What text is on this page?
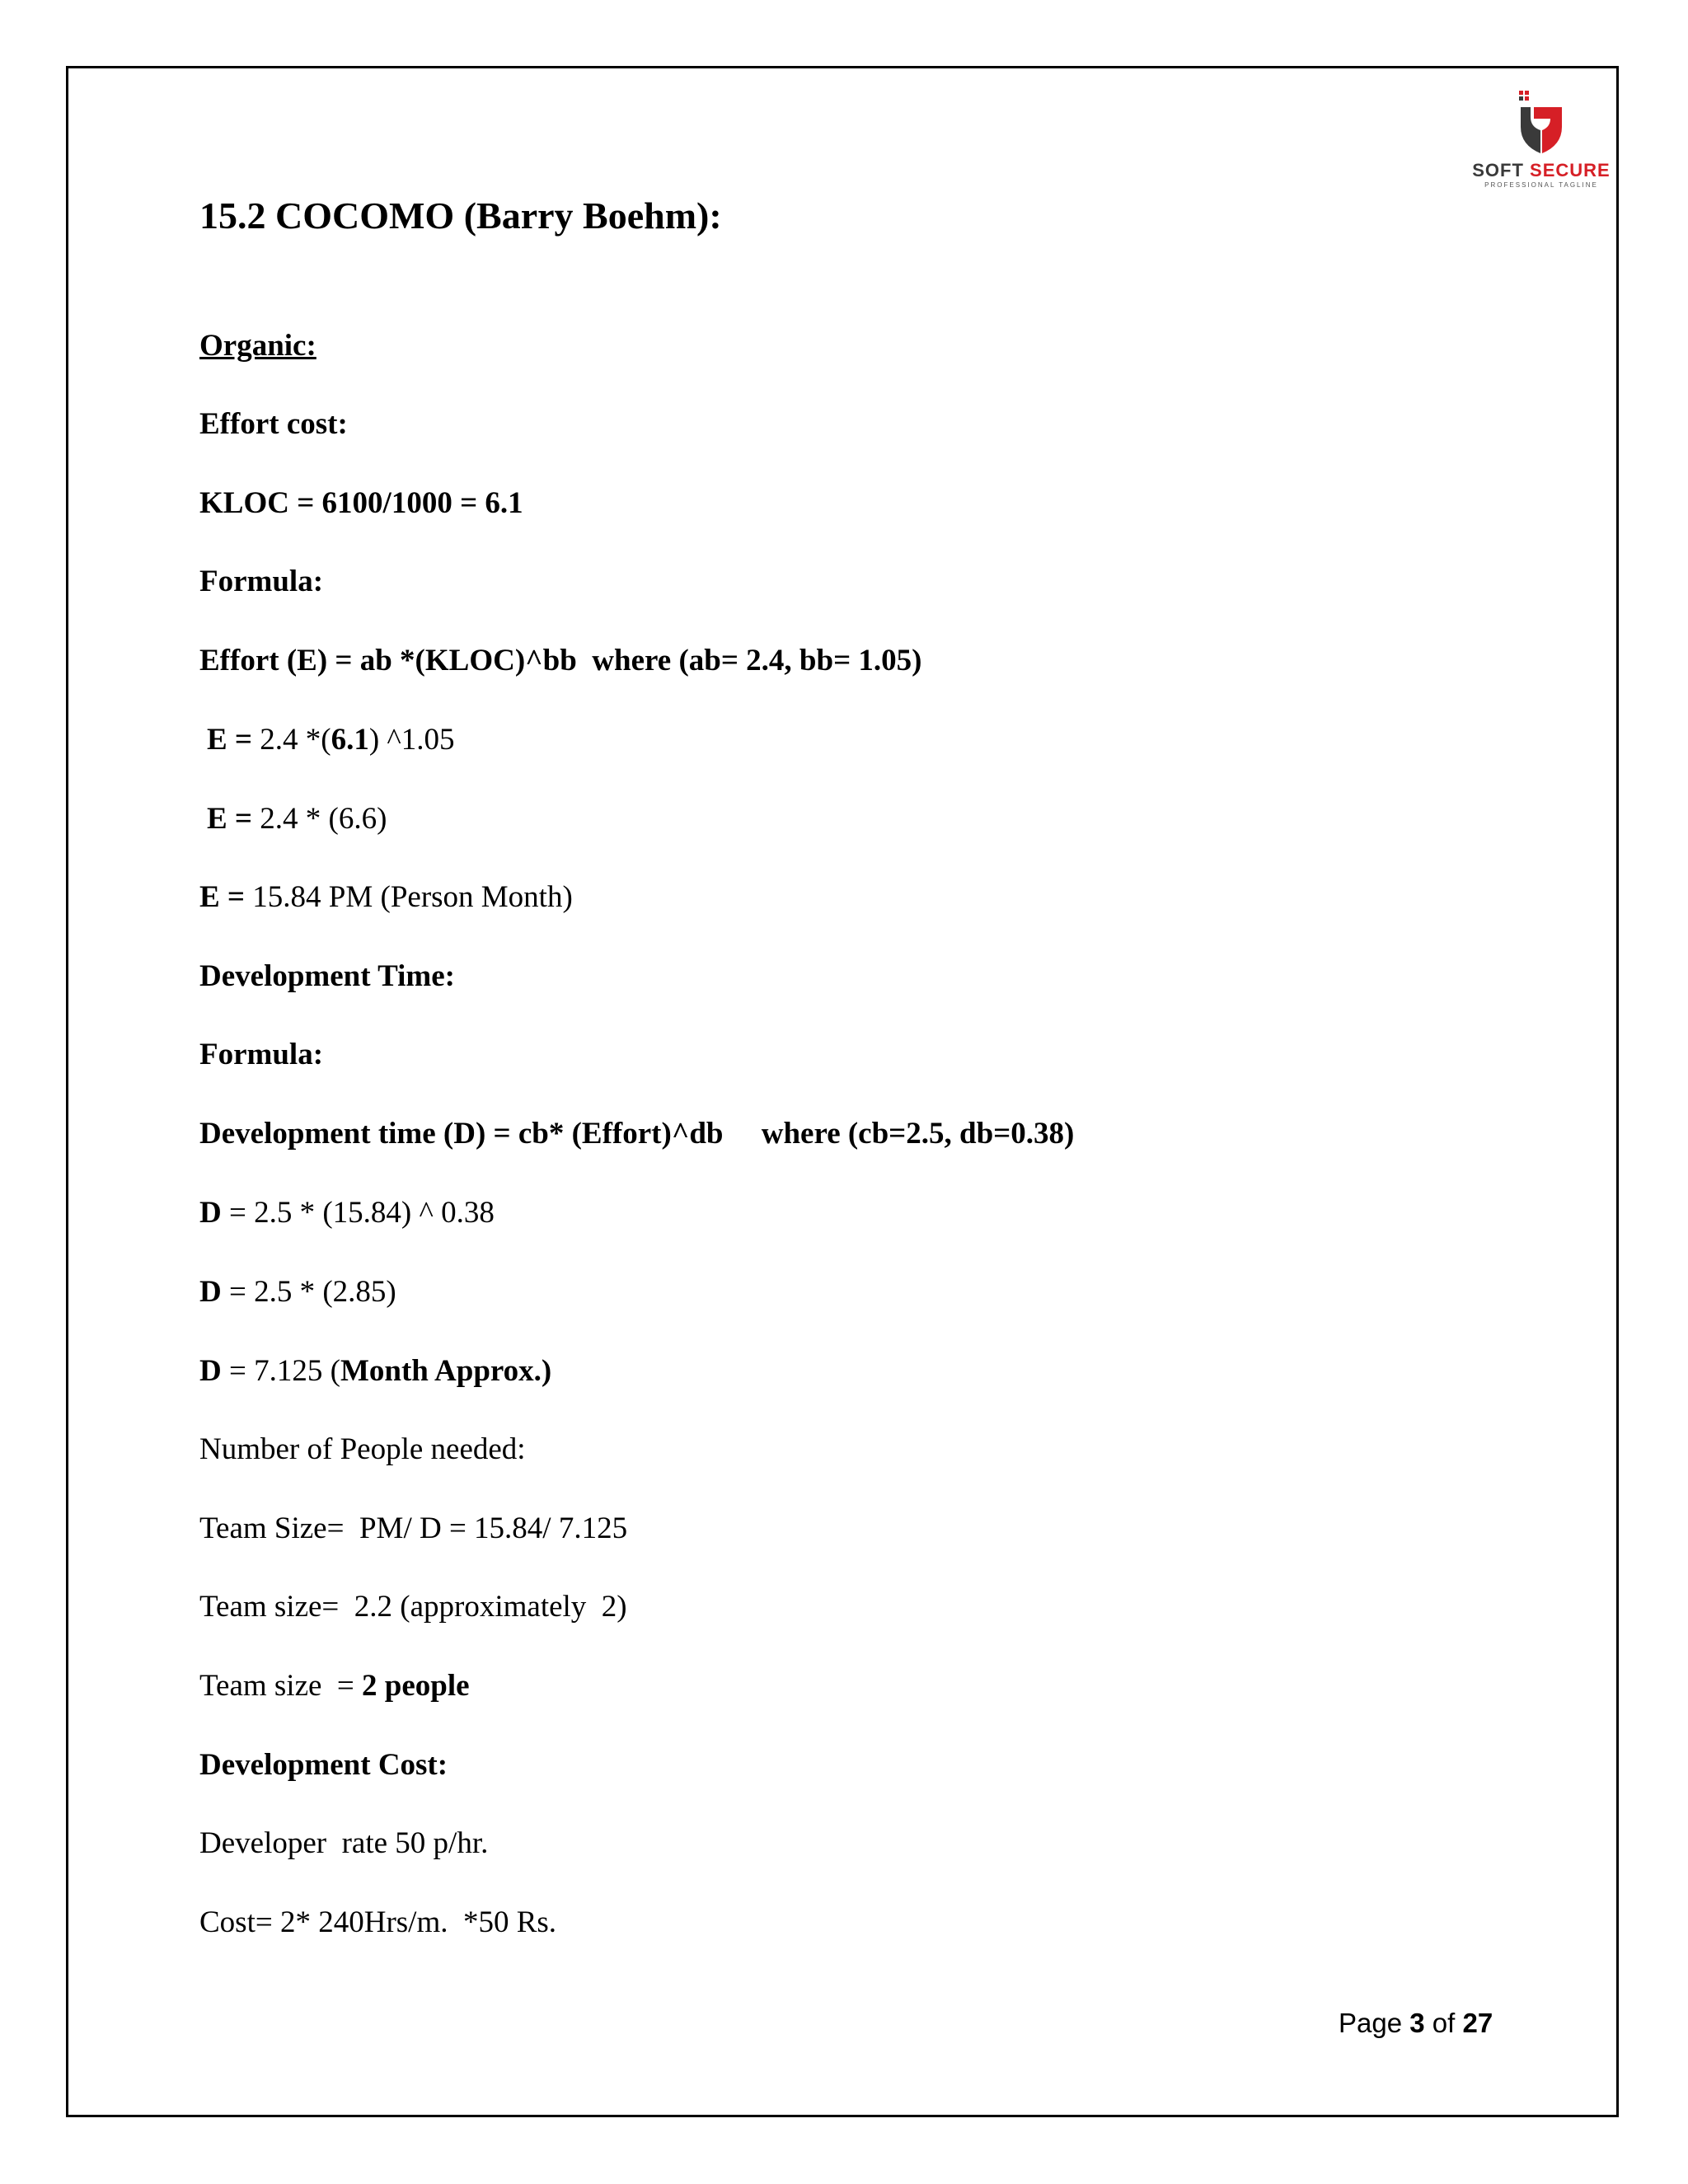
SOFT SECURE
PROFESSIONAL TAGLINE
15.2 COCOMO (Barry Boehm):
Organic:
Effort cost:
KLOC = 6100/1000 = 6.1
Formula:
Effort (E) = ab *(KLOC)^bb  where (ab= 2.4, bb= 1.05)
E = 2.4 *(6.1) ^1.05
E = 2.4 * (6.6)
E = 15.84 PM (Person Month)
Development Time:
Formula:
Development time (D) = cb* (Effort)^db     where (cb=2.5, db=0.38)
D = 2.5 * (15.84) ^ 0.38
D = 2.5 * (2.85)
D = 7.125 (Month Approx.)
Number of People needed:
Team Size=  PM/ D = 15.84/ 7.125
Team size=  2.2 (approximately  2)
Team size  = 2 people
Development Cost:
Developer  rate 50 p/hr.
Cost= 2* 240Hrs/m.  *50 Rs.
Page 3 of 27
